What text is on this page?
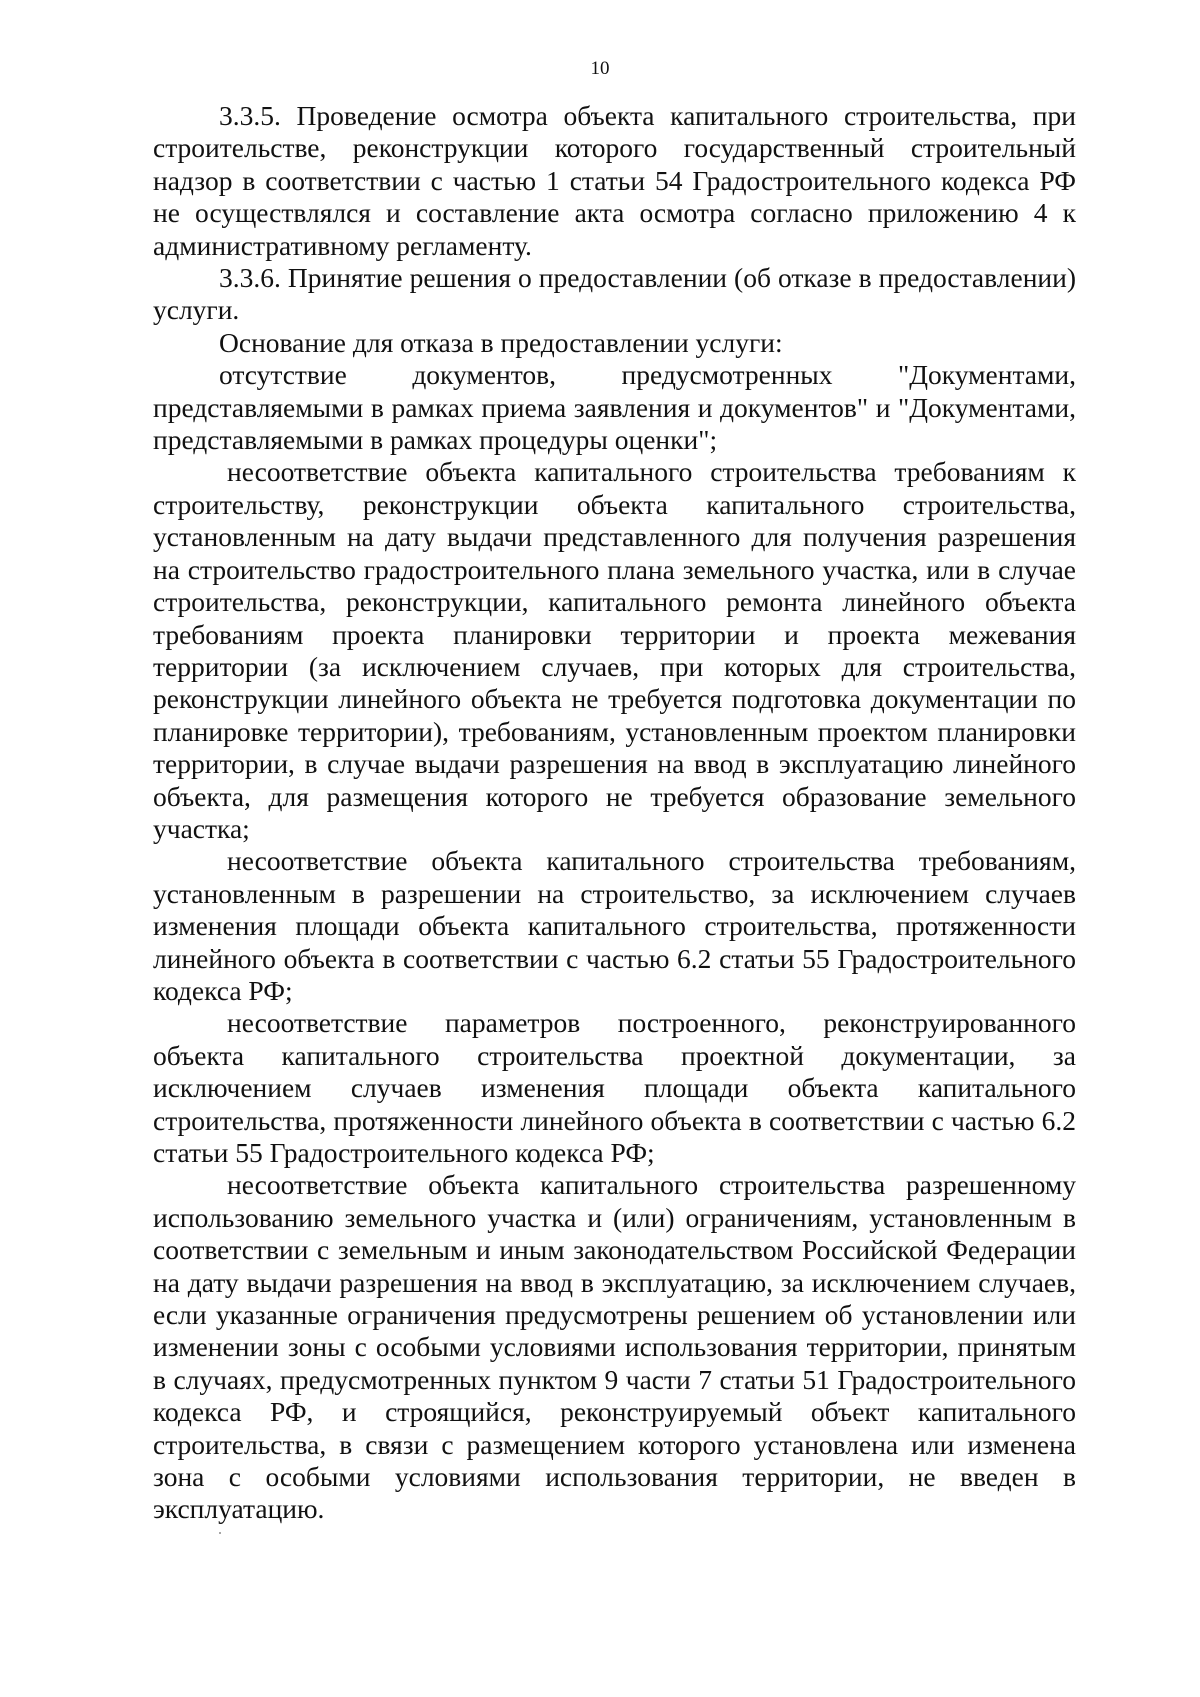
10

3.3.5. Проведение осмотра объекта капитального строительства, при строительстве, реконструкции которого государственный строительный надзор в соответствии с частью 1 статьи 54 Градостроительного кодекса РФ не осуществлялся и составление акта осмотра согласно приложению 4 к административному регламенту.

3.3.6. Принятие решения о предоставлении (об отказе в предоставлении) услуги.

Основание для отказа в предоставлении услуги:

отсутствие документов, предусмотренных "Документами, представляемыми в рамках приема заявления и документов" и "Документами, представляемыми в рамках процедуры оценки";

несоответствие объекта капитального строительства требованиям к строительству, реконструкции объекта капитального строительства, установленным на дату выдачи представленного для получения разрешения на строительство градостроительного плана земельного участка, или в случае строительства, реконструкции, капитального ремонта линейного объекта требованиям проекта планировки территории и проекта межевания территории (за исключением случаев, при которых для строительства, реконструкции линейного объекта не требуется подготовка документации по планировке территории), требованиям, установленным проектом планировки территории, в случае выдачи разрешения на ввод в эксплуатацию линейного объекта, для размещения которого не требуется образование земельного участка;

несоответствие объекта капитального строительства требованиям, установленным в разрешении на строительство, за исключением случаев изменения площади объекта капитального строительства, протяженности линейного объекта в соответствии с частью 6.2 статьи 55 Градостроительного кодекса РФ;

несоответствие параметров построенного, реконструированного объекта капитального строительства проектной документации, за исключением случаев изменения площади объекта капитального строительства, протяженности линейного объекта в соответствии с частью 6.2 статьи 55 Градостроительного кодекса РФ;

несоответствие объекта капитального строительства разрешенному использованию земельного участка и (или) ограничениям, установленным в соответствии с земельным и иным законодательством Российской Федерации на дату выдачи разрешения на ввод в эксплуатацию, за исключением случаев, если указанные ограничения предусмотрены решением об установлении или изменении зоны с особыми условиями использования территории, принятым в случаях, предусмотренных пунктом 9 части 7 статьи 51 Градостроительного кодекса РФ, и строящийся, реконструируемый объект капитального строительства, в связи с размещением которого установлена или изменена зона с особыми условиями использования территории, не введен в эксплуатацию.
